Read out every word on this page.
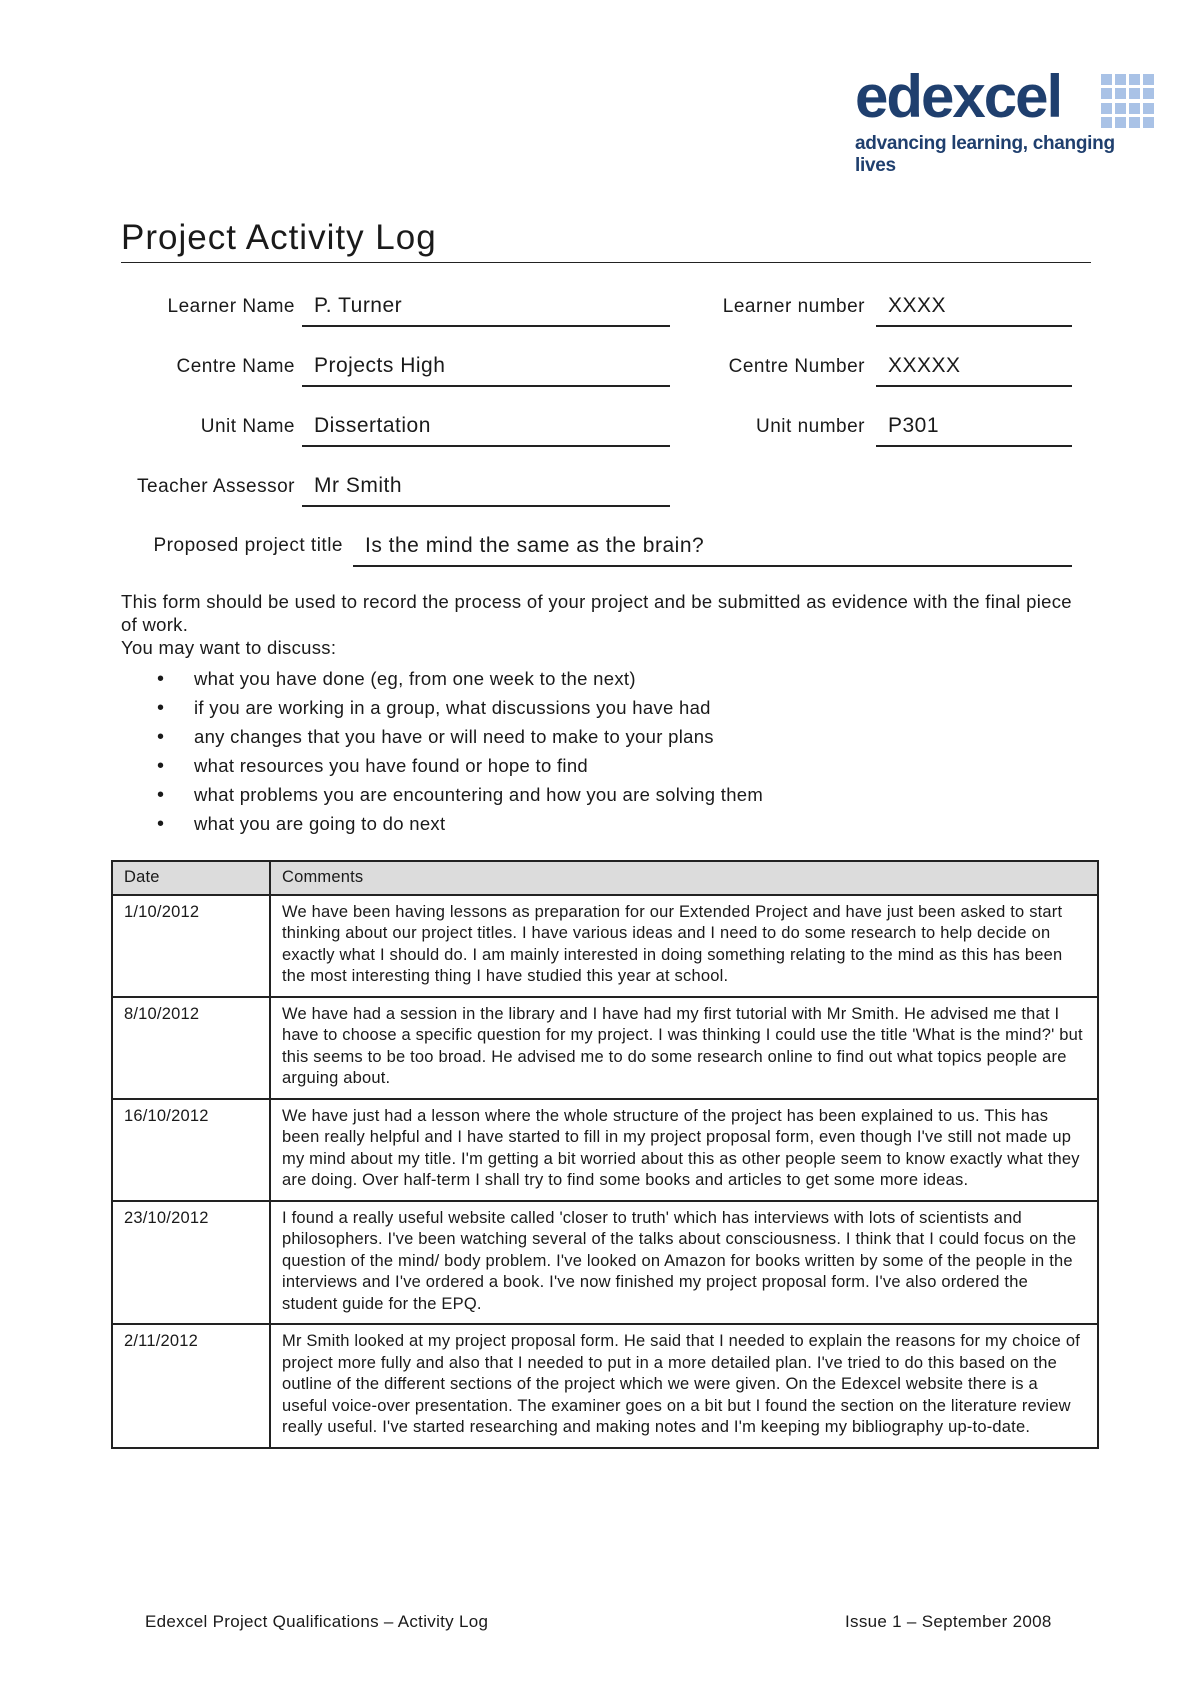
edexcel
advancing learning, changing lives
Project Activity Log
Learner Name P. Turner	Learner number	XXXX
Centre Name Projects High	Centre Number	XXXXX
Unit Name Dissertation	Unit number	P301
Teacher Assessor Mr Smith
Proposed project title	Is the mind the same as the brain?

This form should be used to record the process of your project and be submitted as evidence with the final piece of work.

You may want to discuss:

• what you have done (eg, from one week to the next)
• if you are working in a group, what discussions you have had
• any changes that you have or will need to make to your plans
• what resources you have found or hope to find
• what problems you are encountering and how you are solving them
• what you are going to do next
Date	Comments
1/10/2012	We have been having lessons as preparation for our Extended Project and have just been asked to start thinking about our project titles. I have various ideas and I need to do some research to help decide on exactly what I should do. I am mainly interested in doing something relating to the mind as this has been the most interesting thing I have studied this year at school.
8/10/2012	We have had a session in the library and I have had my first tutorial with Mr Smith. He advised me that I have to choose a specific question for my project. I was thinking I could use the title 'What is the mind?' but this seems to be too broad. He advised me to do some research online to find out what topics people are arguing about.
16/10/2012	We have just had a lesson where the whole structure of the project has been explained to us. This has been really helpful and I have started to fill in my project proposal form, even though I've still not made up my mind about my title. I'm getting a bit worried about this as other people seem to know exactly what they are doing. Over half-term I shall try to find some books and articles to get some more ideas.
23/10/2012	I found a really useful website called 'closer to truth' which has interviews with lots of scientists and philosophers. I've been watching several of the talks about consciousness. I think that I could focus on the question of the mind/ body problem. I've looked on Amazon for books written by some of the people in the interviews and I've ordered a book. I've now finished my project proposal form. I've also ordered the student guide for the EPQ.
2/11/2012	Mr Smith looked at my project proposal form. He said that I needed to explain the reasons for my choice of project more fully and also that I needed to put in a more detailed plan. I've tried to do this based on the outline of the different sections of the project which we were given. On the Edexcel website there is a useful voice-over presentation. The examiner goes on a bit but I found the section on the literature review really useful. I've started researching and making notes and I'm keeping my bibliography up-to-date.
Edexcel Project Qualifications – Activity Log	Issue 1 – September 2008
